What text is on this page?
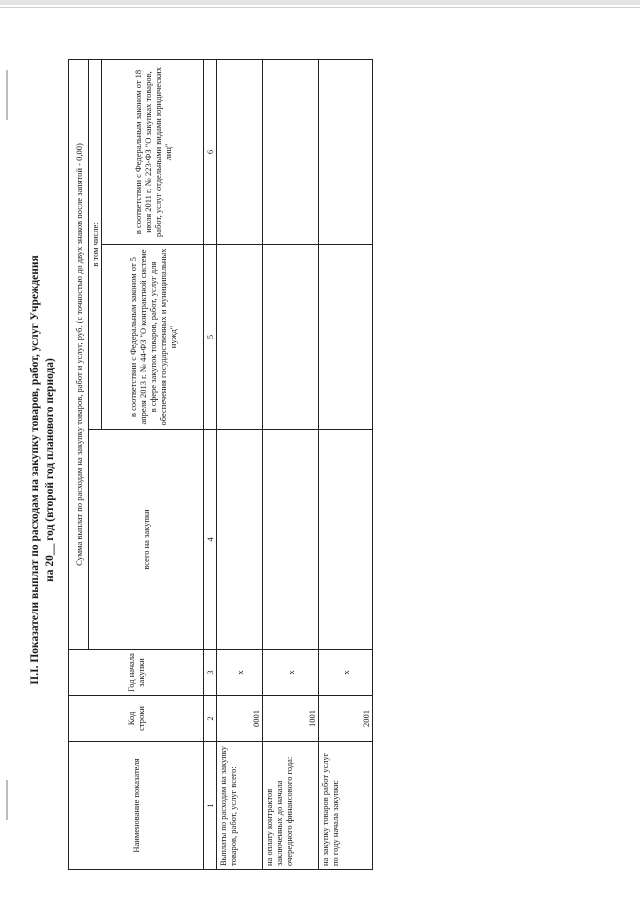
II.I. Показатели выплат по расходам на закупку товаров, работ, услуг Учреждения на 20__ год (второй год планового периода)
Наименование показателя	Код строки	Год начала закупки	Сумма выплат по расходам на закупку товаров, работ и услуг, руб. (с точностью до двух знаков после запятой - 0,00)		
			всего на закупки	в том числе:	
				в соответствии с Федеральным законом от 5 апреля 2013 г. № 44-ФЗ "О контрактной системе в сфере закупок товаров, работ, услуг для обеспечения государственных и муниципальных нужд"	в соответствии с Федеральным законом от 18 июля 2011 г. № 223-ФЗ "О закупках товаров, работ, услуг отдельными видами юридических лиц"
1	2	3	4	5	6
Выплаты по расходам на закупку товаров, работ, услуг всего:	0001	x			
на оплату контрактов заключенных до начала очередного финансового года:	1001	x			
на закупку товаров работ услуг по году начала закупки:	2001	x			
